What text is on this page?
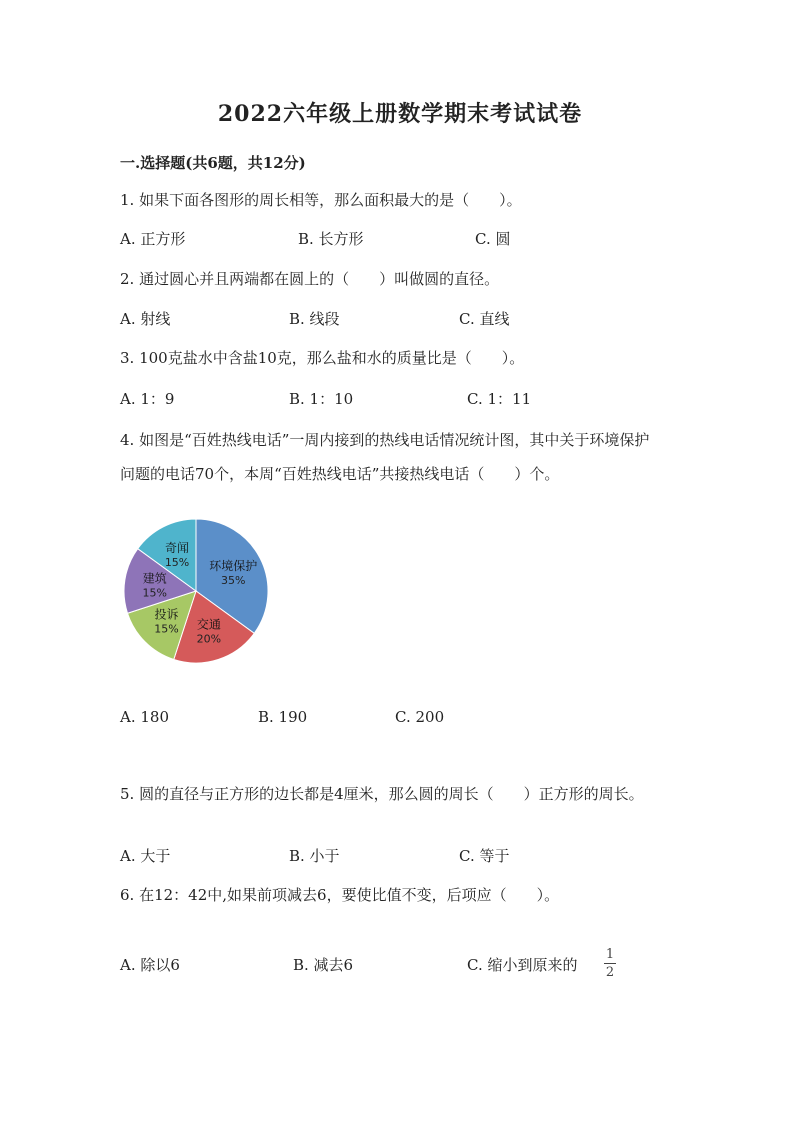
2022六年级上册数学期末考试试卷
一.选择题(共6题，共12分)
1. 如果下面各图形的周长相等，那么面积最大的是（　　）。
A. 正方形	B. 长方形	C. 圆
2. 通过圆心并且两端都在圆上的（　　）叫做圆的直径。
A. 射线	B. 线段	C. 直线
3. 100克盐水中含盐10克，那么盐和水的质量比是（　　）。
A. 1：9	B. 1：10	C. 1：11
4. 如图是“百姓热线电话”一周内接到的热线电话情况统计图，其中关于环境保护问题的电话70个，本周“百姓热线电话”共接热线电话（　　）个。
环境保护
35%
交通
20%
投诉
15%
建筑
15%
奇闻
15%
A. 180	B. 190	C. 200
5. 圆的直径与正方形的边长都是4厘米，那么圆的周长（　　）正方形的周长。
A. 大于	B. 小于	C. 等于
6. 在12：42中,如果前项减去6，要使比值不变，后项应（　　）。
A. 除以6	B. 减去6	C. 缩小到原来的
1
2
